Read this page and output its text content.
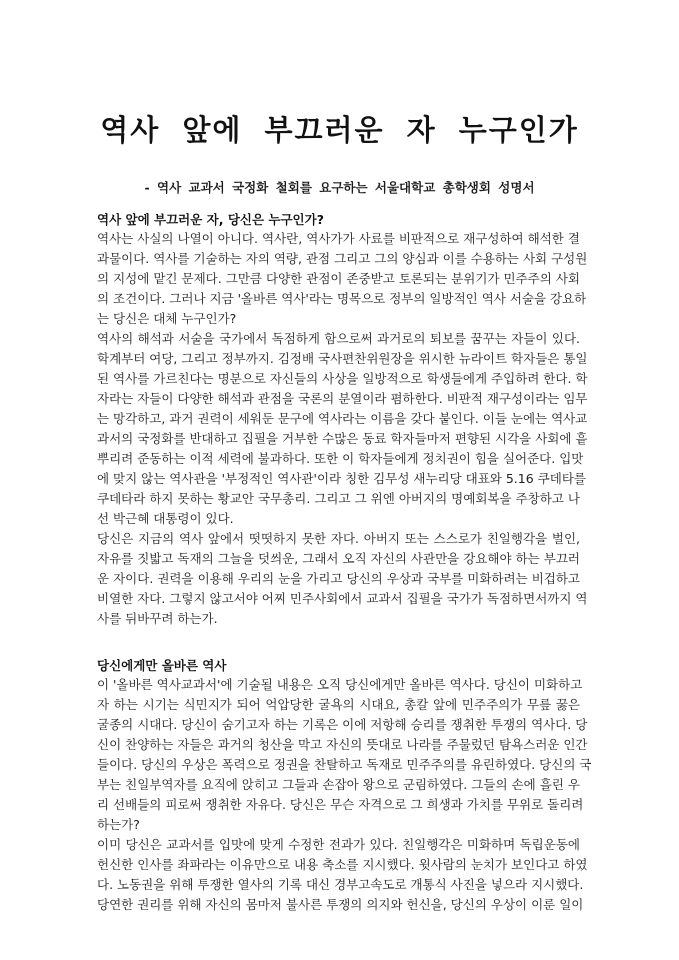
역사 앞에 부끄러운 자 누구인가
- 역사 교과서 국정화 철회를 요구하는 서울대학교 총학생회 성명서
역사 앞에 부끄러운 자, 당신은 누구인가?
역사는 사실의 나열이 아니다. 역사란, 역사가가 사료를 비판적으로 재구성하여 해석한 결
과물이다. 역사를 기술하는 자의 역량, 관점 그리고 그의 양심과 이를 수용하는 사회 구성원
의 지성에 맡긴 문제다. 그만큼 다양한 관점이 존중받고 토론되는 분위기가 민주주의 사회
의 조건이다. 그러나 지금 '올바른 역사'라는 명목으로 정부의 일방적인 역사 서술을 강요하
는 당신은 대체 누구인가?
역사의 해석과 서술을 국가에서 독점하게 함으로써 과거로의 퇴보를 꿈꾸는 자들이 있다.
학계부터 여당, 그리고 정부까지. 김정배 국사편찬위원장을 위시한 뉴라이트 학자들은 통일
된 역사를 가르친다는 명분으로 자신들의 사상을 일방적으로 학생들에게 주입하려 한다. 학
자라는 자들이 다양한 해석과 관점을 국론의 분열이라 폄하한다. 비판적 재구성이라는 임무
는 망각하고, 과거 권력이 세워둔 문구에 역사라는 이름을 갖다 붙인다. 이들 눈에는 역사교
과서의 국정화를 반대하고 집필을 거부한 수많은 동료 학자들마저 편향된 시각을 사회에 흩
뿌리려 준동하는 이적 세력에 불과하다. 또한 이 학자들에게 정치권이 힘을 실어준다. 입맛
에 맞지 않는 역사관을 '부정적인 역사관'이라 칭한 김무성 새누리당 대표와 5.16 쿠데타를
쿠데타라 하지 못하는 황교안 국무총리. 그리고 그 위엔 아버지의 명예회복을 주창하고 나
선 박근혜 대통령이 있다.
당신은 지금의 역사 앞에서 떳떳하지 못한 자다. 아버지 또는 스스로가 친일행각을 벌인,
자유를 짓밟고 독재의 그늘을 덧씌운, 그래서 오직 자신의 사관만을 강요해야 하는 부끄러
운 자이다. 권력을 이용해 우리의 눈을 가리고 당신의 우상과 국부를 미화하려는 비겁하고
비열한 자다. 그렇지 않고서야 어찌 민주사회에서 교과서 집필을 국가가 독점하면서까지 역
사를 뒤바꾸려 하는가.
당신에게만 올바른 역사
이 '올바른 역사교과서'에 기술될 내용은 오직 당신에게만 올바른 역사다. 당신이 미화하고
자 하는 시기는 식민지가 되어 억압당한 굴욕의 시대요, 총칼 앞에 민주주의가 무릎 꿇은
굴종의 시대다. 당신이 숨기고자 하는 기록은 이에 저항해 승리를 쟁취한 투쟁의 역사다. 당
신이 찬양하는 자들은 과거의 청산을 막고 자신의 뜻대로 나라를 주물렀던 탐욕스러운 인간
들이다. 당신의 우상은 폭력으로 정권을 찬탈하고 독재로 민주주의를 유린하였다. 당신의 국
부는 친일부역자를 요직에 앉히고 그들과 손잡아 왕으로 군림하였다. 그들의 손에 흘린 우
리 선배들의 피로써 쟁취한 자유다. 당신은 무슨 자격으로 그 희생과 가치를 무위로 돌리려
하는가?
이미 당신은 교과서를 입맛에 맞게 수정한 전과가 있다. 친일행각은 미화하며 독립운동에
헌신한 인사를 좌파라는 이유만으로 내용 축소를 지시했다. 윗사람의 눈치가 보인다고 하였
다. 노동권을 위해 투쟁한 열사의 기록 대신 경부고속도로 개통식 사진을 넣으라 지시했다.
당연한 권리를 위해 자신의 몸마저 불사른 투쟁의 의지와 헌신을, 당신의 우상이 이룬 일이
